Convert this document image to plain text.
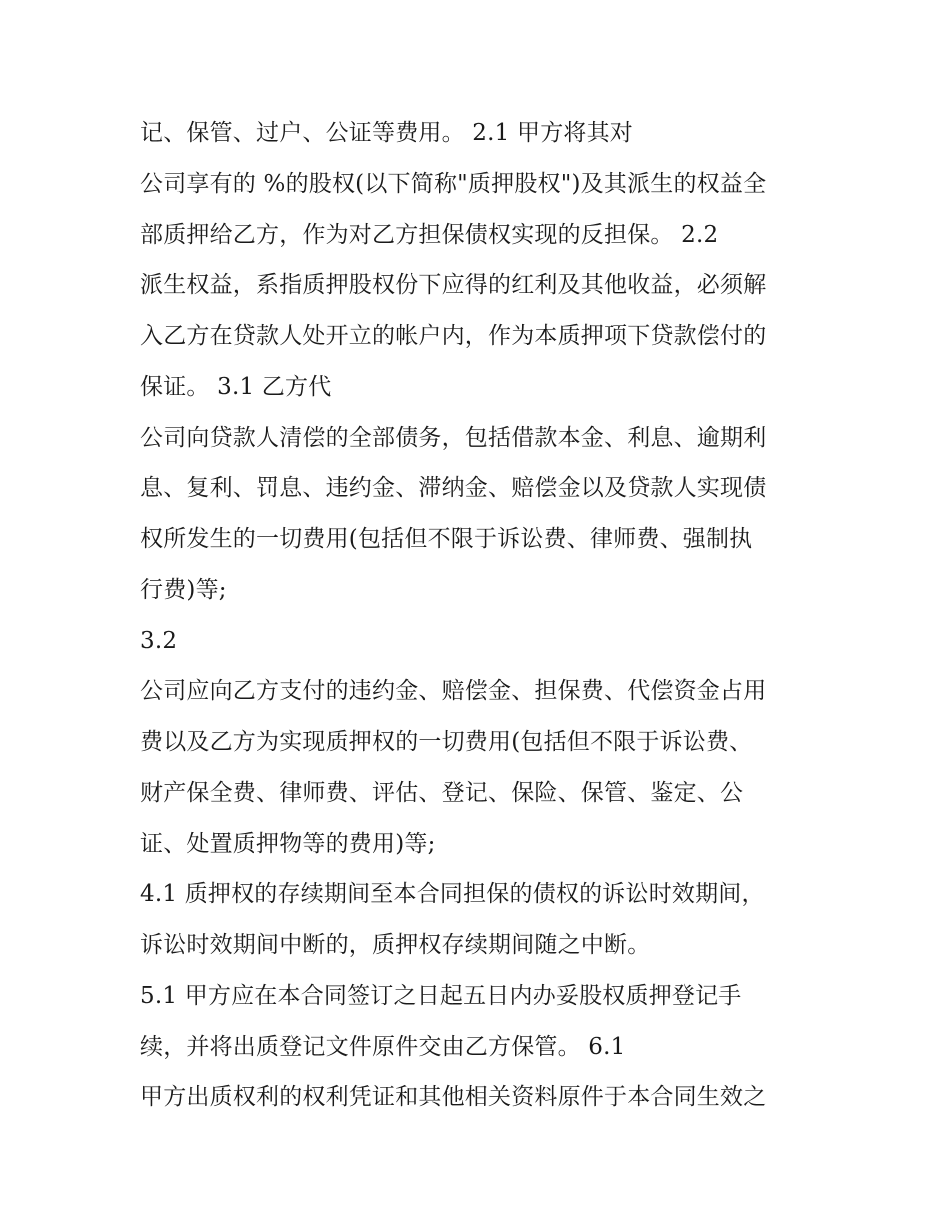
记、保管、过户、公证等费用。 2.1 甲方将其对
公司享有的 %的股权(以下简称"质押股权")及其派生的权益全
部质押给乙方，作为对乙方担保债权实现的反担保。 2.2
派生权益，系指质押股权份下应得的红利及其他收益，必须解
入乙方在贷款人处开立的帐户内，作为本质押项下贷款偿付的
保证。 3.1 乙方代
公司向贷款人清偿的全部债务，包括借款本金、利息、逾期利
息、复利、罚息、违约金、滞纳金、赔偿金以及贷款人实现债
权所发生的一切费用(包括但不限于诉讼费、律师费、强制执
行费)等;
3.2
公司应向乙方支付的违约金、赔偿金、担保费、代偿资金占用
费以及乙方为实现质押权的一切费用(包括但不限于诉讼费、
财产保全费、律师费、评估、登记、保险、保管、鉴定、公
证、处置质押物等的费用)等;
4.1 质押权的存续期间至本合同担保的债权的诉讼时效期间，
诉讼时效期间中断的，质押权存续期间随之中断。
5.1 甲方应在本合同签订之日起五日内办妥股权质押登记手
续，并将出质登记文件原件交由乙方保管。 6.1
甲方出质权利的权利凭证和其他相关资料原件于本合同生效之
